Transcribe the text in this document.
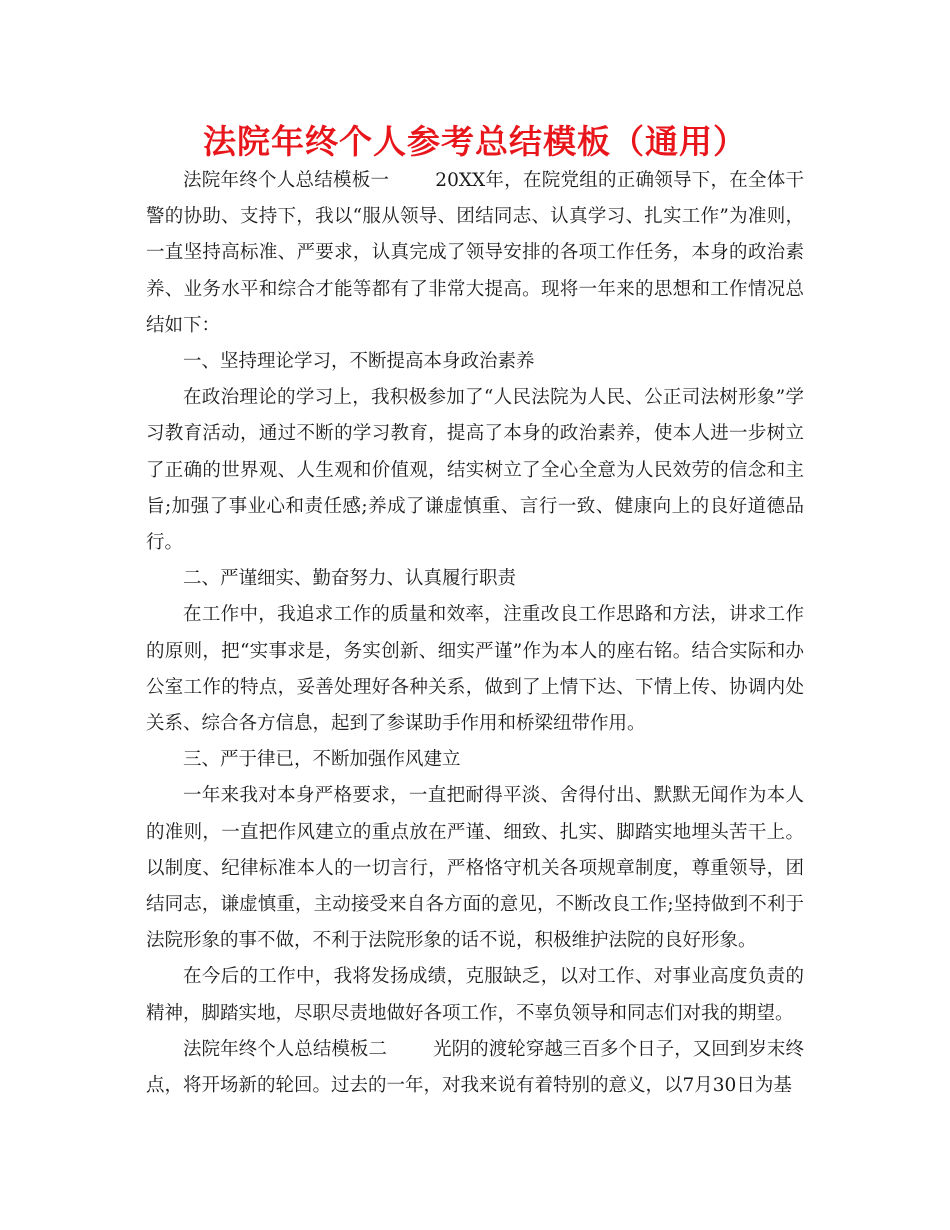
法院年终个人参考总结模板（通用）

法院年终个人总结模板一 20XX年，在院党组的正确领导下，在全体干警的协助、支持下，我以“服从领导、团结同志、认真学习、扎实工作”为准则，一直坚持高标准、严要求，认真完成了领导安排的各项工作任务，本身的政治素养、业务水平和综合才能等都有了非常大提高。现将一年来的思想和工作情况总结如下：

一、坚持理论学习，不断提高本身政治素养

在政治理论的学习上，我积极参加了“人民法院为人民、公正司法树形象”学习教育活动，通过不断的学习教育，提高了本身的政治素养，使本人进一步树立了正确的世界观、人生观和价值观，结实树立了全心全意为人民效劳的信念和主旨;加强了事业心和责任感;养成了谦虚慎重、言行一致、健康向上的良好道德品行。

二、严谨细实、勤奋努力、认真履行职责

在工作中，我追求工作的质量和效率，注重改良工作思路和方法，讲求工作的原则，把“实事求是，务实创新、细实严谨”作为本人的座右铭。结合实际和办公室工作的特点，妥善处理好各种关系，做到了上情下达、下情上传、协调内处关系、综合各方信息，起到了参谋助手作用和桥梁纽带作用。

三、严于律已，不断加强作风建立

一年来我对本身严格要求，一直把耐得平淡、舍得付出、默默无闻作为本人的准则，一直把作风建立的重点放在严谨、细致、扎实、脚踏实地埋头苦干上。以制度、纪律标准本人的一切言行，严格恪守机关各项规章制度，尊重领导，团结同志，谦虚慎重，主动接受来自各方面的意见，不断改良工作;坚持做到不利于法院形象的事不做，不利于法院形象的话不说，积极维护法院的良好形象。

在今后的工作中，我将发扬成绩，克服缺乏，以对工作、对事业高度负责的精神，脚踏实地，尽职尽责地做好各项工作，不辜负领导和同志们对我的期望。

法院年终个人总结模板二 光阴的渡轮穿越三百多个日子，又回到岁末终点，将开场新的轮回。过去的一年，对我来说有着特别的意义，以7月30日为基
